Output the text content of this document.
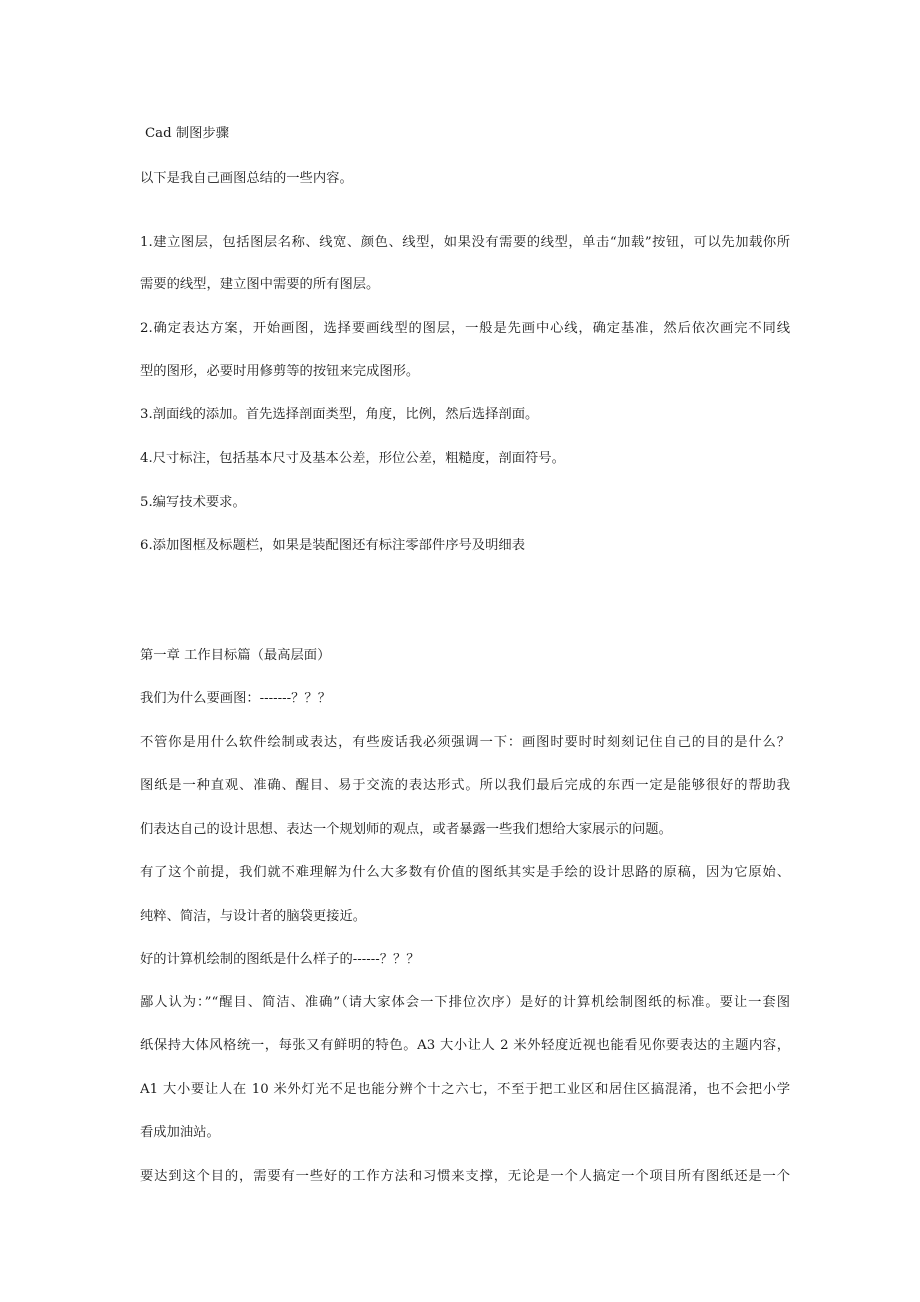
Cad 制图步骤
以下是我自己画图总结的一些内容。
1.建立图层，包括图层名称、线宽、颜色、线型，如果没有需要的线型，单击“加载”按钮，可以先加载你所
需要的线型，建立图中需要的所有图层。
2.确定表达方案，开始画图，选择要画线型的图层，一般是先画中心线，确定基准，然后依次画完不同线
型的图形，必要时用修剪等的按钮来完成图形。
3.剖面线的添加。首先选择剖面类型，角度，比例，然后选择剖面。
4.尺寸标注，包括基本尺寸及基本公差，形位公差，粗糙度，剖面符号。
5.编写技术要求。
6.添加图框及标题栏，如果是装配图还有标注零部件序号及明细表
第一章 工作目标篇（最高层面）
我们为什么要画图：-------？？？
不管你是用什么软件绘制或表达，有些废话我必须强调一下：画图时要时时刻刻记住自己的目的是什么？
图纸是一种直观、准确、醒目、易于交流的表达形式。所以我们最后完成的东西一定是能够很好的帮助我
们表达自己的设计思想、表达一个规划师的观点，或者暴露一些我们想给大家展示的问题。
有了这个前提，我们就不难理解为什么大多数有价值的图纸其实是手绘的设计思路的原稿，因为它原始、
纯粹、简洁，与设计者的脑袋更接近。
好的计算机绘制的图纸是什么样子的------？？？
鄙人认为：”“醒目、简洁、准确”（请大家体会一下排位次序）是好的计算机绘制图纸的标准。要让一套图
纸保持大体风格统一，每张又有鲜明的特色。A3 大小让人 2 米外轻度近视也能看见你要表达的主题内容，
A1 大小要让人在 10 米外灯光不足也能分辨个十之六七，不至于把工业区和居住区搞混淆，也不会把小学
看成加油站。
要达到这个目的，需要有一些好的工作方法和习惯来支撑，无论是一个人搞定一个项目所有图纸还是一个
